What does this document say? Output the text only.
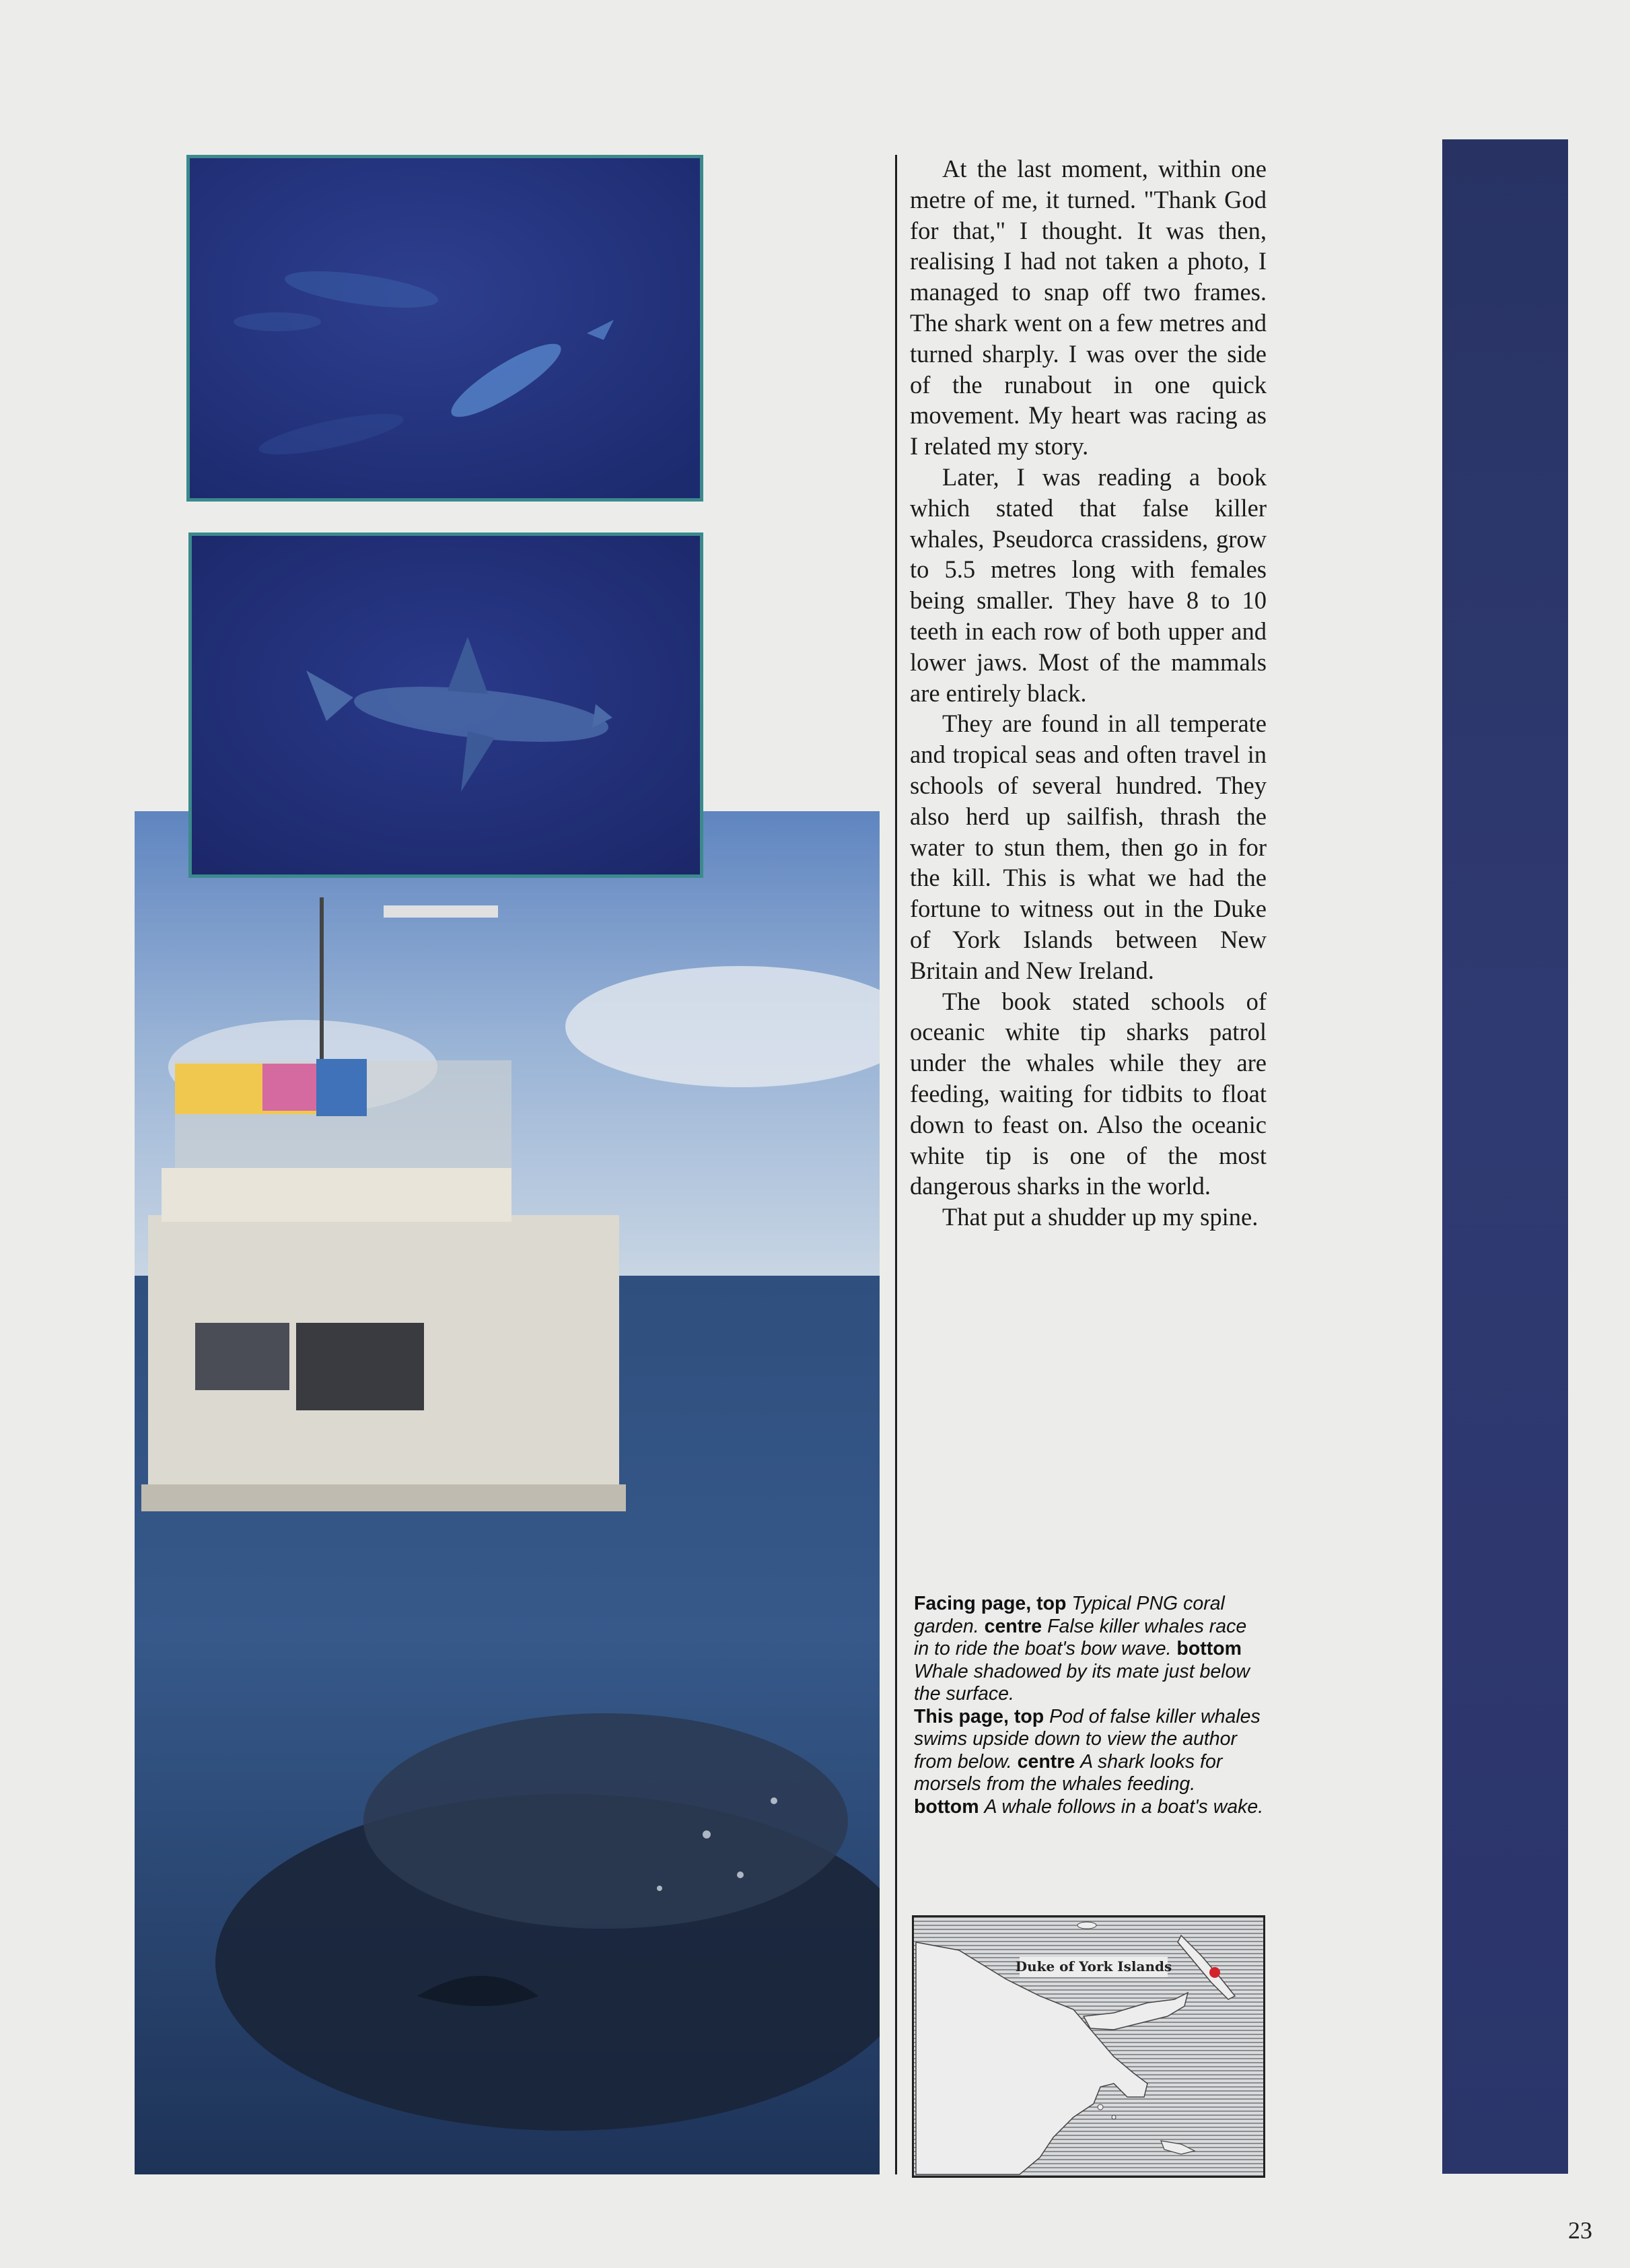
At the last moment, within one metre of me, it turned. "Thank God for that," I thought. It was then, realising I had not taken a photo, I managed to snap off two frames. The shark went on a few metres and turned sharply. I was over the side of the runabout in one quick movement. My heart was racing as I related my story.

Later, I was reading a book which stated that false killer whales, Pseudorca crassidens, grow to 5.5 metres long with females being smaller. They have 8 to 10 teeth in each row of both upper and lower jaws. Most of the mammals are entirely black.

They are found in all temperate and tropical seas and often travel in schools of several hundred. They also herd up sailfish, thrash the water to stun them, then go in for the kill. This is what we had the fortune to witness out in the Duke of York Islands between New Britain and New Ireland.

The book stated schools of oceanic white tip sharks patrol under the whales while they are feeding, waiting for tidbits to float down to feast on. Also the oceanic white tip is one of the most dangerous sharks in the world.

That put a shudder up my spine.

Facing page, top Typical PNG coral garden. centre False killer whales race in to ride the boat's bow wave. bottom Whale shadowed by its mate just below the surface.

This page, top Pod of false killer whales swims upside down to view the author from below. centre A shark looks for morsels from the whales feeding. bottom A whale follows in a boat's wake.

Duke of York Islands
23
